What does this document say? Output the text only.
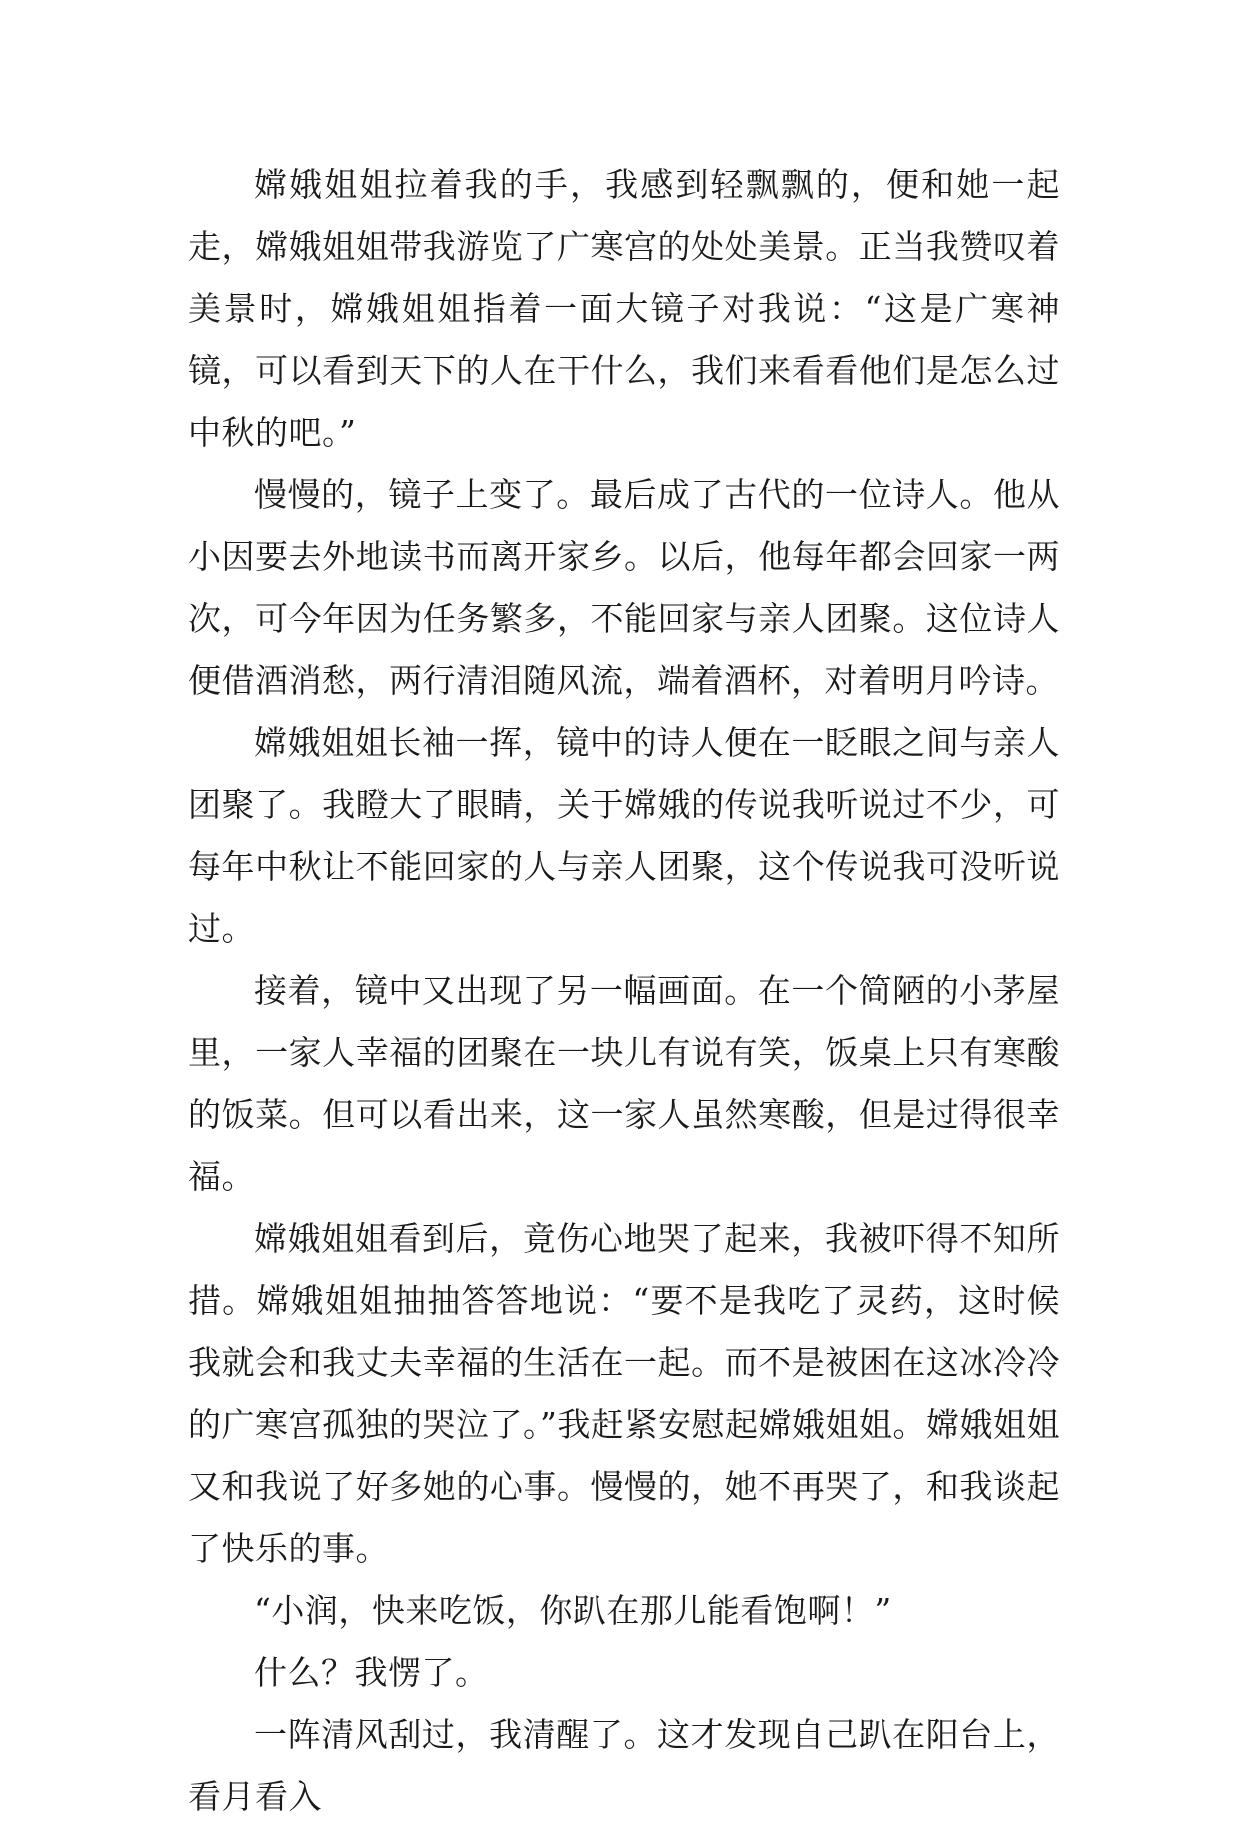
嫦娥姐姐拉着我的手，我感到轻飘飘的，便和她一起走，嫦娥姐姐带我游览了广寒宫的处处美景。正当我赞叹着美景时，嫦娥姐姐指着一面大镜子对我说：“这是广寒神镜，可以看到天下的人在干什么，我们来看看他们是怎么过中秋的吧。”

慢慢的，镜子上变了。最后成了古代的一位诗人。他从小因要去外地读书而离开家乡。以后，他每年都会回家一两次，可今年因为任务繁多，不能回家与亲人团聚。这位诗人便借酒消愁，两行清泪随风流，端着酒杯，对着明月吟诗。

嫦娥姐姐长袖一挥，镜中的诗人便在一眨眼之间与亲人团聚了。我瞪大了眼睛，关于嫦娥的传说我听说过不少，可每年中秋让不能回家的人与亲人团聚，这个传说我可没听说过。

接着，镜中又出现了另一幅画面。在一个简陋的小茅屋里，一家人幸福的团聚在一块儿有说有笑，饭桌上只有寒酸的饭菜。但可以看出来，这一家人虽然寒酸，但是过得很幸福。

嫦娥姐姐看到后，竟伤心地哭了起来，我被吓得不知所措。嫦娥姐姐抽抽答答地说：“要不是我吃了灵药，这时候我就会和我丈夫幸福的生活在一起。而不是被困在这冰冷冷的广寒宫孤独的哭泣了。”我赶紧安慰起嫦娥姐姐。嫦娥姐姐又和我说了好多她的心事。慢慢的，她不再哭了，和我谈起了快乐的事。

“小润，快来吃饭，你趴在那儿能看饱啊！”

什么？我愣了。

一阵清风刮过，我清醒了。这才发现自己趴在阳台上，看月看入
